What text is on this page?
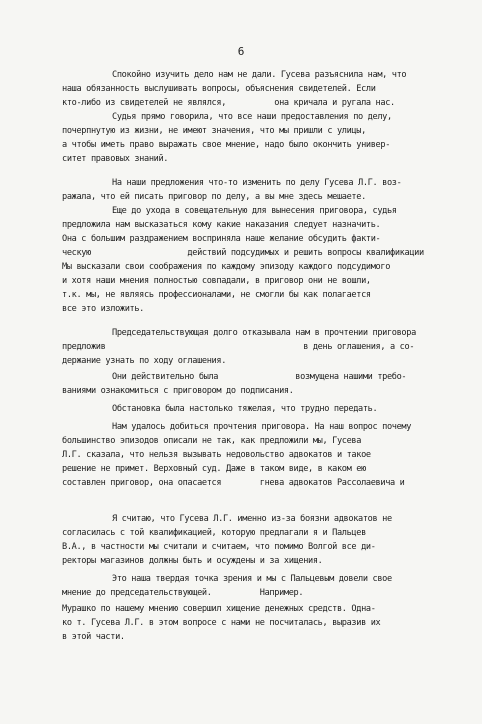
6
Спокойно изучить дело нам не дали. Гусева разъяснила нам, что
наша обязанность выслушивать вопросы, объяснения свидетелей. Если
кто-либо из свидетелей не являлся,          она кричала и ругала нас.
Судья прямо говорила, что все наши предоставления по делу,
почерпнутую из жизни, не имеют значения, что мы пришли с улицы,
а чтобы иметь право выражать свое мнение, надо было окончить универ-
ситет правовых знаний.
На наши предложения что-то изменить по делу Гусева Л.Г. воз-
ражала, что ей писать приговор по делу, а вы мне здесь мешаете.
Еще до ухода в совещательную для вынесения приговора, судья
предложила нам высказаться кому какие наказания следует назначить.
Она с большим раздражением восприняла наше желание обсудить факти-
ческую                    действий подсудимых и решить вопросы квалификации
Мы высказали свои соображения по каждому эпизоду каждого подсудимого
и хотя наши мнения полностью совпадали, в приговор они не вошли,
т.к. мы, не являясь профессионалами, не смогли бы как полагается
все это изложить.
Председательствующая долго отказывала нам в прочтении приговора
предложив                                         в день оглашения, а со-
держание узнать по ходу оглашения.
Они действительно была                возмущена нашими требо-
ваниями ознакомиться с приговором до подписания.
Обстановка была настолько тяжелая, что трудно передать.
Нам удалось добиться прочтения приговора. На наш вопрос почему
большинство эпизодов описали не так, как предложили мы, Гусева
Л.Г. сказала, что нельзя вызывать недовольство адвокатов и такое
решение не примет. Верховный суд. Даже в таком виде, в каком ею
составлен приговор, она опасается        гнева адвокатов Рассолаевича и
Я считаю, что Гусева Л.Г. именно из-за боязни адвокатов не
согласилась с той квалификацией, которую предлагали я и Пальцев
В.А., в частности мы считали и считаем, что помимо Волгой все ди-
ректоры магазинов должны быть и осуждены и за хищения.
Это наша твердая точка зрения и мы с Пальцевым довели свое
мнение до председательствующей.          Например.
Мурашко по нашему мнению совершил хищение денежных средств. Одна-
ко т. Гусева Л.Г. в этом вопросе с нами не посчиталась, выразив их
в этой части.
